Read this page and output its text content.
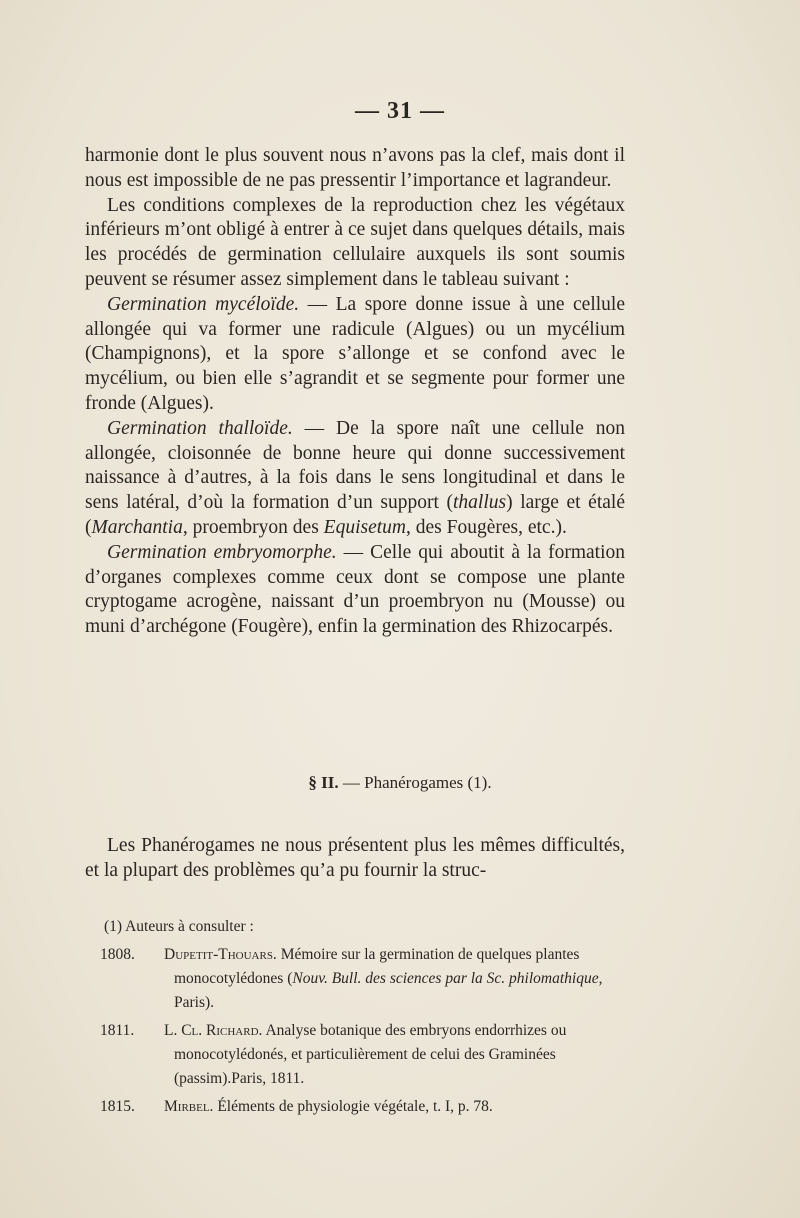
— 31 —

harmonie dont le plus souvent nous n’avons pas la clef, mais dont il nous est impossible de ne pas pressentir l’importance et lagrandeur.

Les conditions complexes de la reproduction chez les végétaux inférieurs m’ont obligé à entrer à ce sujet dans quelques détails, mais les procédés de germination cellulaire auxquels ils sont soumis peuvent se résumer assez simplement dans le tableau suivant :

Germination mycéloïde. — La spore donne issue à une cellule allongée qui va former une radicule (Algues) ou un mycélium (Champignons), et la spore s’allonge et se confond avec le mycélium, ou bien elle s’agrandit et se segmente pour former une fronde (Algues).

Germination thalloïde. — De la spore naît une cellule non allongée, cloisonnée de bonne heure qui donne successivement naissance à d’autres, à la fois dans le sens longitudinal et dans le sens latéral, d’où la formation d’un support (thallus) large et étalé (Marchantia, proembryon des Equisetum, des Fougères, etc.).

Germination embryomorphe. — Celle qui aboutit à la formation d’organes complexes comme ceux dont se compose une plante cryptogame acrogène, naissant d’un proembryon nu (Mousse) ou muni d’archégone (Fougère), enfin la germination des Rhizocarpés.

§ II. — Phanérogames (1).

Les Phanérogames ne nous présentent plus les mêmes difficultés, et la plupart des problèmes qu’a pu fournir la struc-

(1) Auteurs à consulter :
1808. Dupetit-Thouars. Mémoire sur la germination de quelques plantes monocotylédones (Nouv. Bull. des sciences par la Sc. philomathique, Paris).
1811. L. Cl. Richard. Analyse botanique des embryons endorrhizes ou monocotylédonés, et particulièrement de celui des Graminées (passim).Paris, 1811.
1815. Mirbel. Éléments de physiologie végétale, t. I, p. 78.
